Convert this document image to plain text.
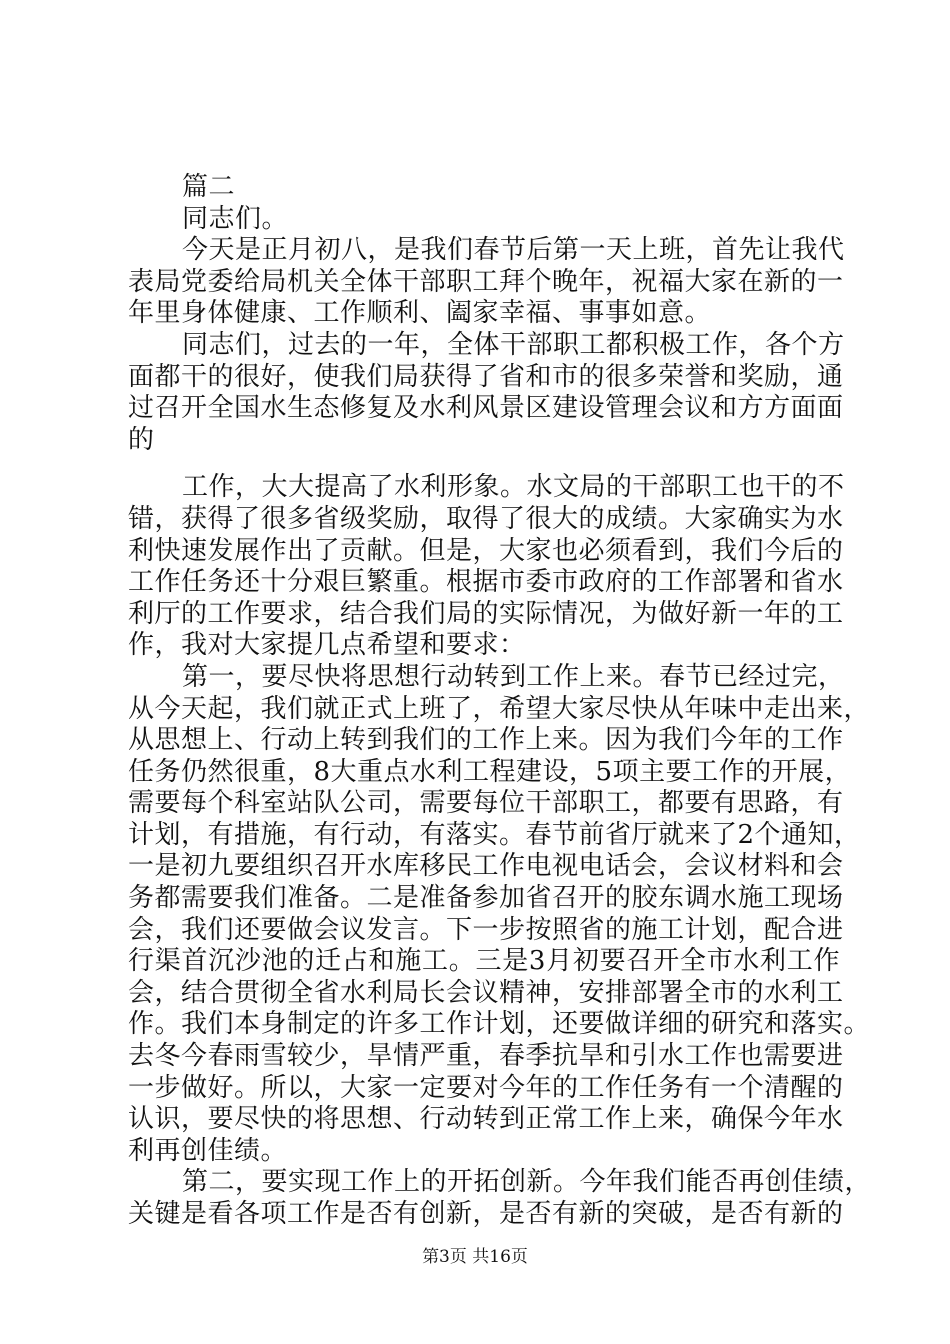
篇二
同志们。
今天是正月初八，是我们春节后第一天上班，首先让我代
表局党委给局机关全体干部职工拜个晚年，祝福大家在新的一
年里身体健康、工作顺利、阖家幸福、事事如意。
同志们，过去的一年，全体干部职工都积极工作，各个方
面都干的很好，使我们局获得了省和市的很多荣誉和奖励，通
过召开全国水生态修复及水利风景区建设管理会议和方方面面
的
工作，大大提高了水利形象。水文局的干部职工也干的不
错，获得了很多省级奖励，取得了很大的成绩。大家确实为水
利快速发展作出了贡献。但是，大家也必须看到，我们今后的
工作任务还十分艰巨繁重。根据市委市政府的工作部署和省水
利厅的工作要求，结合我们局的实际情况，为做好新一年的工
作，我对大家提几点希望和要求：
第一，要尽快将思想行动转到工作上来。春节已经过完，
从今天起，我们就正式上班了，希望大家尽快从年味中走出来，
从思想上、行动上转到我们的工作上来。因为我们今年的工作
任务仍然很重，8大重点水利工程建设，5项主要工作的开展，
需要每个科室站队公司，需要每位干部职工，都要有思路，有
计划，有措施，有行动，有落实。春节前省厅就来了2个通知，
一是初九要组织召开水库移民工作电视电话会，会议材料和会
务都需要我们准备。二是准备参加省召开的胶东调水施工现场
会，我们还要做会议发言。下一步按照省的施工计划，配合进
行渠首沉沙池的迁占和施工。三是3月初要召开全市水利工作
会，结合贯彻全省水利局长会议精神，安排部署全市的水利工
作。我们本身制定的许多工作计划，还要做详细的研究和落实。
去冬今春雨雪较少，旱情严重，春季抗旱和引水工作也需要进
一步做好。所以，大家一定要对今年的工作任务有一个清醒的
认识，要尽快的将思想、行动转到正常工作上来，确保今年水
利再创佳绩。
第二，要实现工作上的开拓创新。今年我们能否再创佳绩，
关键是看各项工作是否有创新，是否有新的突破，是否有新的
第3页 共16页
